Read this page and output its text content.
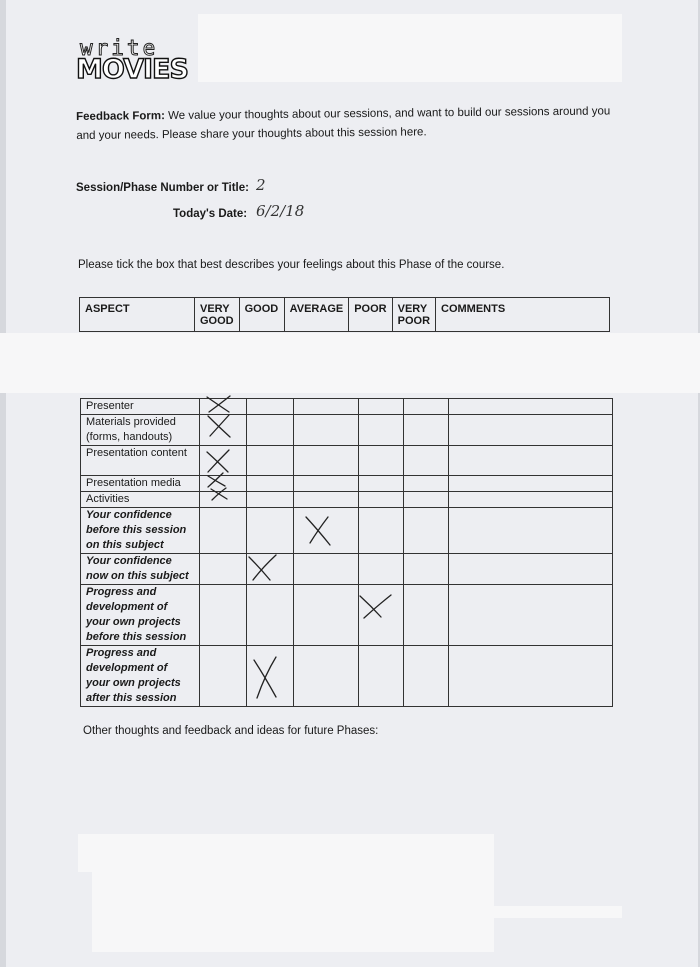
write
MOVIES
Feedback Form: We value your thoughts about our sessions, and want to build our sessions around you and your needs. Please share your thoughts about this session here.
Session/Phase Number or Title: 2
Today's Date: 6/2/18
Please tick the box that best describes your feelings about this Phase of the course.
ASPECT	VERY GOOD	GOOD	AVERAGE	POOR	VERY POOR	COMMENTS
Presenter						
Materials provided (forms, handouts)						
Presentation content						
Presentation media						
Activities						
Your confidence before this session on this subject						
Your confidence now on this subject						
Progress and development of your own projects before this session						
Progress and development of your own projects after this session						
Other thoughts and feedback and ideas for future Phases:
